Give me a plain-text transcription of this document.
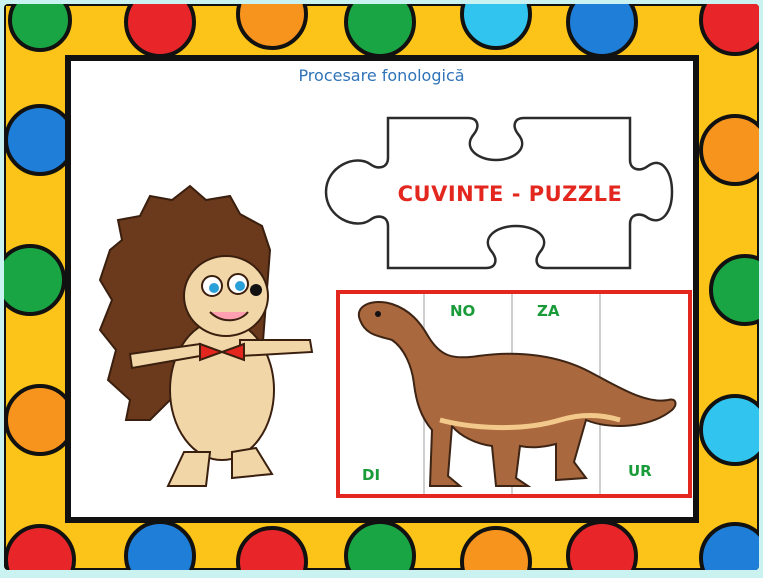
Procesare fonologică
CUVINTE - PUZZLE
NO	ZA
DI	UR
